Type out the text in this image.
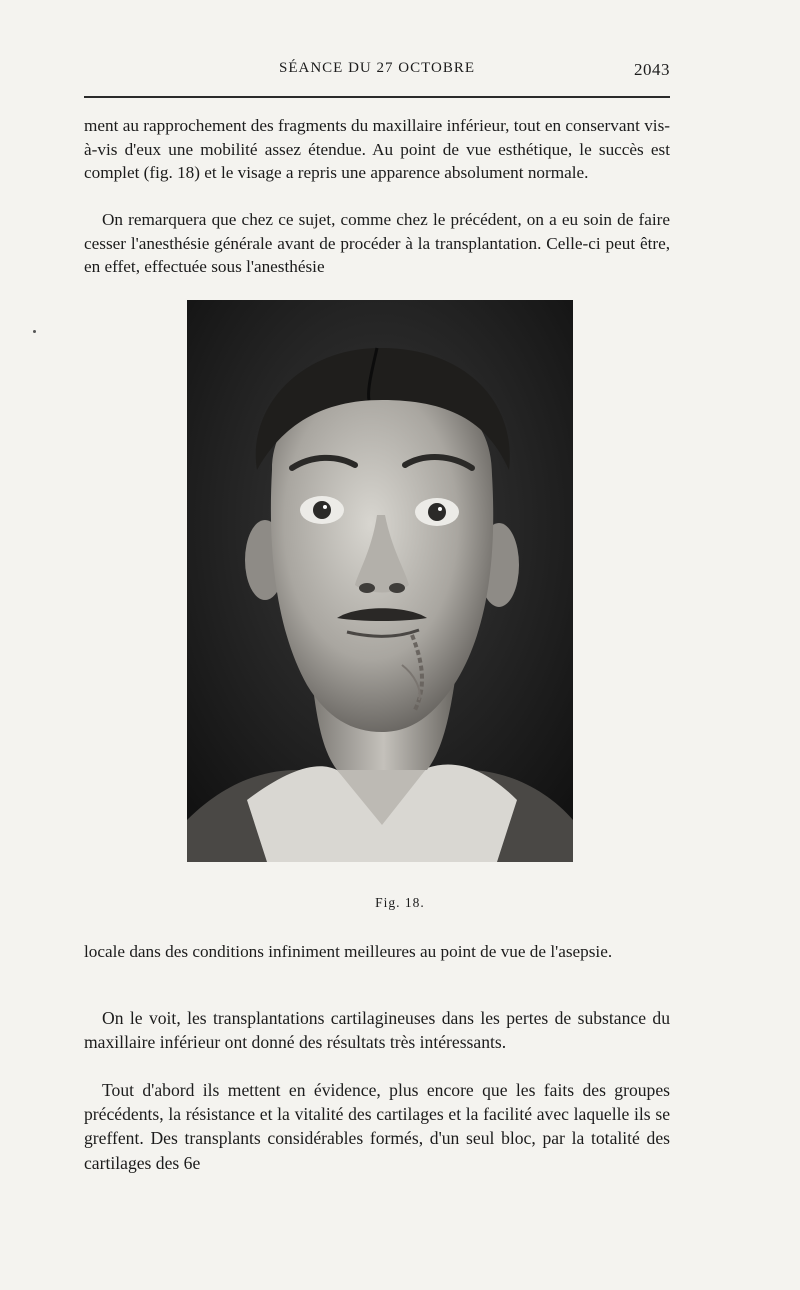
SÉANCE DU 27 OCTOBRE	2043

ment au rapprochement des fragments du maxillaire inférieur, tout en conservant vis-à-vis d'eux une mobilité assez étendue. Au point de vue esthétique, le succès est complet (fig. 18) et le visage a repris une apparence absolument normale.

On remarquera que chez ce sujet, comme chez le précédent, on a eu soin de faire cesser l'anesthésie générale avant de procéder à la transplantation. Celle-ci peut être, en effet, effectuée sous l'anesthésie

Fig. 18.

locale dans des conditions infiniment meilleures au point de vue de l'asepsie.

On le voit, les transplantations cartilagineuses dans les pertes de substance du maxillaire inférieur ont donné des résultats très intéressants.

Tout d'abord ils mettent en évidence, plus encore que les faits des groupes précédents, la résistance et la vitalité des cartilages et la facilité avec laquelle ils se greffent. Des transplants considérables formés, d'un seul bloc, par la totalité des cartilages des 6e
